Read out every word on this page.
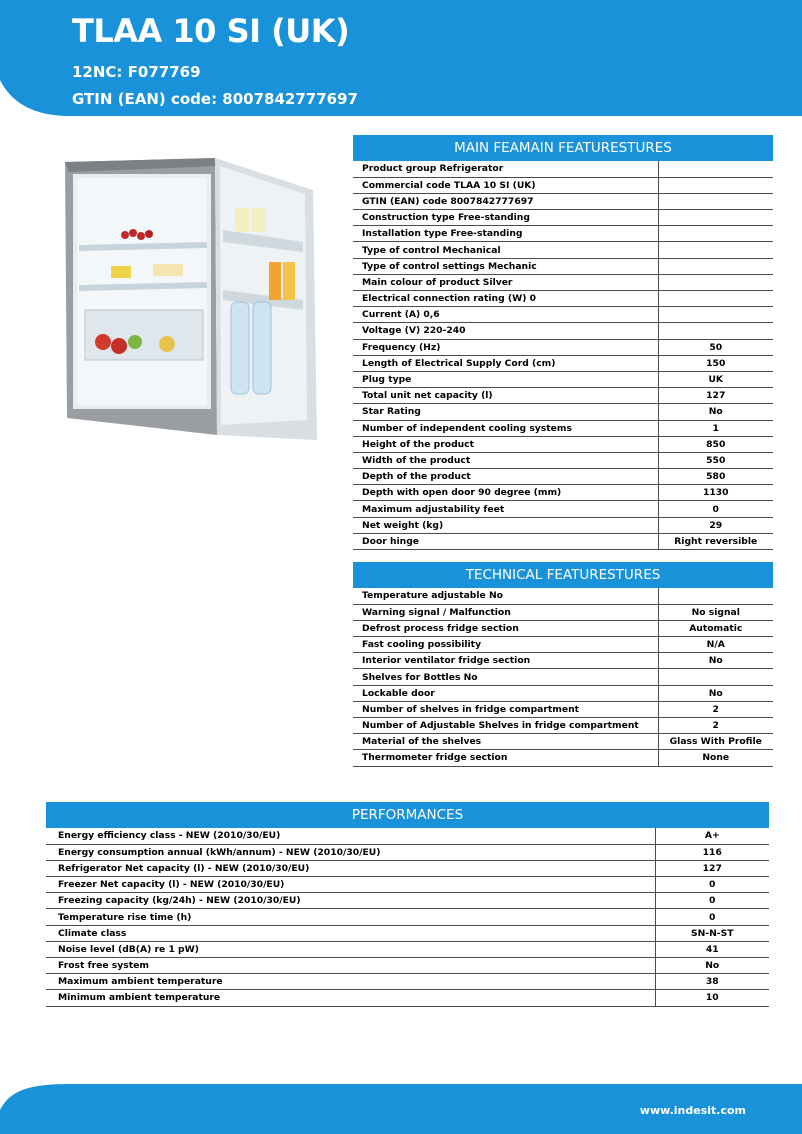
TLAA 10 SI (UK)
12NC: F077769
GTIN (EAN) code: 8007842777697
MAIN FEAMAIN FEATURESTURES
Product group Refrigerator	
Commercial code TLAA 10 SI (UK)	
GTIN (EAN) code 8007842777697	
Construction type Free-standing	
Installation type Free-standing	
Type of control Mechanical	
Type of control settings Mechanic	
Main colour of product Silver	
Electrical connection rating (W) 0	
Current (A) 0,6	
Voltage (V) 220-240	
Frequency (Hz)	50
Length of Electrical Supply Cord (cm)	150
Plug type	UK
Total unit net capacity (l)	127
Star Rating	No
Number of independent cooling systems	1
Height of the product	850
Width of the product	550
Depth of the product	580
Depth with open door 90 degree (mm)	1130
Maximum adjustability feet	0
Net weight (kg)	29
Door hinge	Right reversible
TECHNICAL FEATURESTURES
Temperature adjustable No	
Warning signal / Malfunction	No signal
Defrost process fridge section	Automatic
Fast cooling possibility	N/A
Interior ventilator fridge section	No
Shelves for Bottles No	
Lockable door	No
Number of shelves in fridge compartment	2
Number of Adjustable Shelves in fridge compartment	2
Material of the shelves	Glass With Profile
Thermometer fridge section	None
PERFORMANCES
Energy efficiency class - NEW (2010/30/EU)	A+
Energy consumption annual (kWh/annum) - NEW (2010/30/EU)	116
Refrigerator Net capacity (l) - NEW (2010/30/EU)	127
Freezer Net capacity (l) - NEW (2010/30/EU)	0
Freezing capacity (kg/24h) - NEW (2010/30/EU)	0
Temperature rise time (h)	0
Climate class	SN-N-ST
Noise level (dB(A) re 1 pW)	41
Frost free system	No
Maximum ambient temperature	38
Minimum ambient temperature	10
www.indesit.com
